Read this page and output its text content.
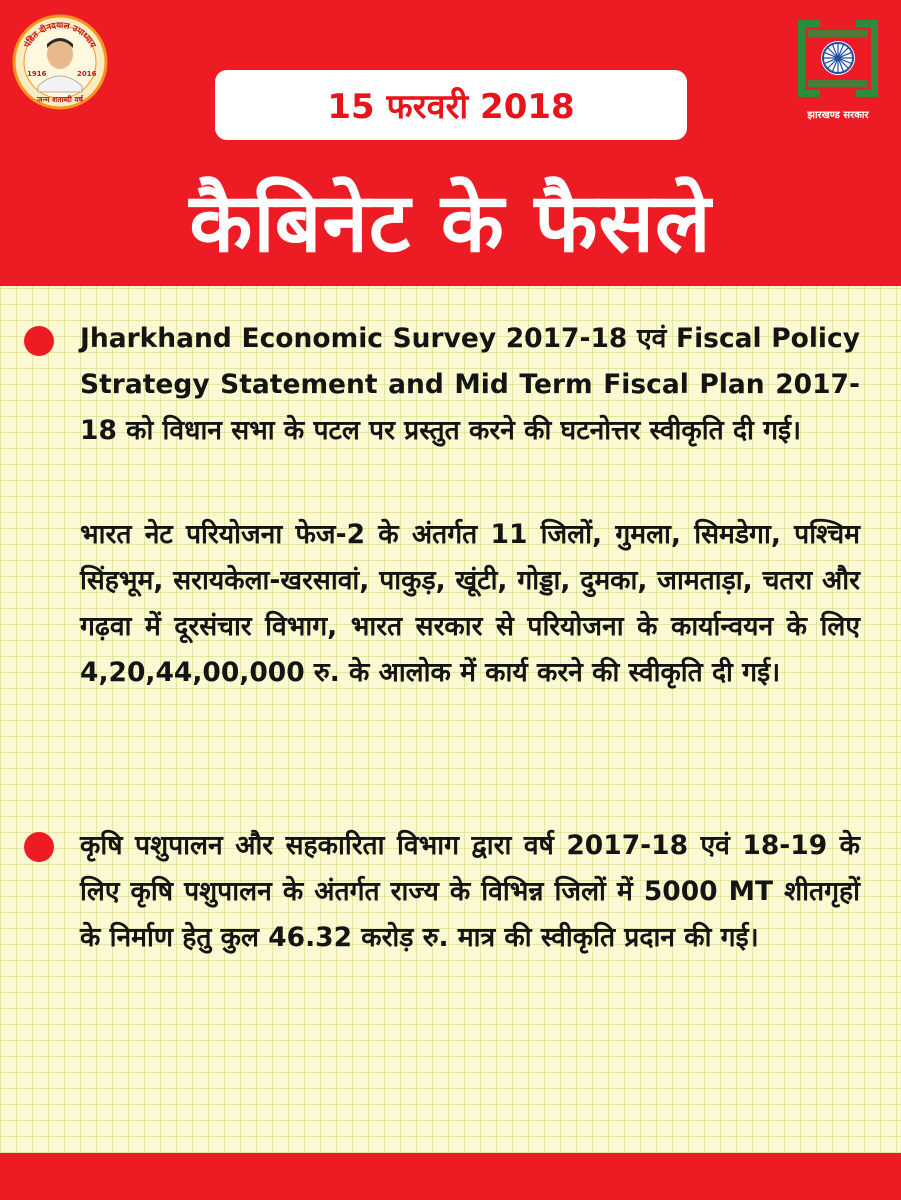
पंडित दीनदयाल उपाध्याय
1916	2016
जन्म शताब्दी वर्ष	15 फरवरी 2018	झारखण्ड सरकार
कैबिनेट के फैसले

Jharkhand Economic Survey 2017-18 एवं Fiscal Policy Strategy Statement and Mid Term Fiscal Plan 2017-18 को विधान सभा के पटल पर प्रस्तुत करने की घटनोत्तर स्वीकृति दी गई।

भारत नेट परियोजना फेज-2 के अंतर्गत 11 जिलों, गुमला, सिमडेगा, पश्चिम सिंहभूम, सरायकेला-खरसावां, पाकुड़, खूंटी, गोड्डा, दुमका, जामताड़ा, चतरा और गढ़वा में दूरसंचार विभाग, भारत सरकार से परियोजना के कार्यान्वयन के लिए 4,20,44,00,000 रु. के आलोक में कार्य करने की स्वीकृति दी गई।

कृषि पशुपालन और सहकारिता विभाग द्वारा वर्ष 2017-18 एवं 18-19 के लिए कृषि पशुपालन के अंतर्गत राज्य के विभिन्न जिलों में 5000 MT शीतगृहों के निर्माण हेतु कुल 46.32 करोड़ रु. मात्र की स्वीकृति प्रदान की गई।
